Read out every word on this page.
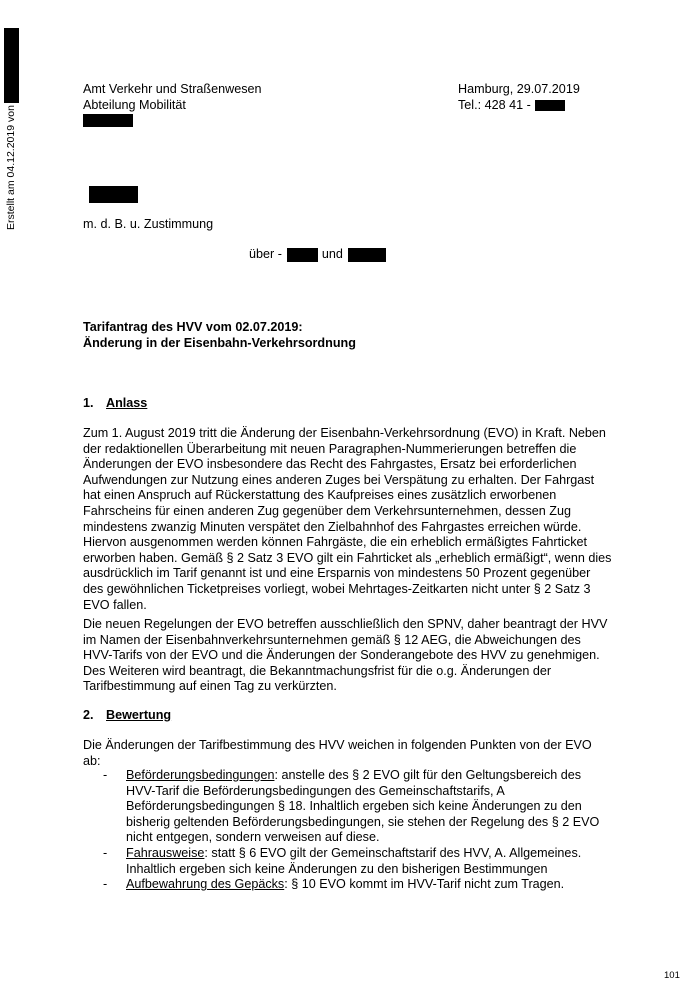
Erstellt am 04.12.2019 von
Amt Verkehr und Straßenwesen
Abteilung Mobilität
Hamburg, 29.07.2019
Tel.: 428 41 -
m. d. B. u. Zustimmung
über -	und
Tarifantrag des HVV vom 02.07.2019:
Änderung in der Eisenbahn-Verkehrsordnung
1. Anlass
Zum 1. August 2019 tritt die Änderung der Eisenbahn-Verkehrsordnung (EVO) in Kraft. Neben
der redaktionellen Überarbeitung mit neuen Paragraphen-Nummerierungen betreffen die
Änderungen der EVO insbesondere das Recht des Fahrgastes, Ersatz bei erforderlichen
Aufwendungen zur Nutzung eines anderen Zuges bei Verspätung zu erhalten. Der Fahrgast
hat einen Anspruch auf Rückerstattung des Kaufpreises eines zusätzlich erworbenen
Fahrscheins für einen anderen Zug gegenüber dem Verkehrsunternehmen, dessen Zug
mindestens zwanzig Minuten verspätet den Zielbahnhof des Fahrgastes erreichen würde.
Hiervon ausgenommen werden können Fahrgäste, die ein erheblich ermäßigtes Fahrticket
erworben haben. Gemäß § 2 Satz 3 EVO gilt ein Fahrticket als „erheblich ermäßigt“, wenn dies
ausdrücklich im Tarif genannt ist und eine Ersparnis von mindestens 50 Prozent gegenüber
des gewöhnlichen Ticketpreises vorliegt, wobei Mehrtages-Zeitkarten nicht unter § 2 Satz 3
EVO fallen.
Die neuen Regelungen der EVO betreffen ausschließlich den SPNV, daher beantragt der HVV
im Namen der Eisenbahnverkehrsunternehmen gemäß § 12 AEG, die Abweichungen des
HVV-Tarifs von der EVO und die Änderungen der Sonderangebote des HVV zu genehmigen.
Des Weiteren wird beantragt, die Bekanntmachungsfrist für die o.g. Änderungen der
Tarifbestimmung auf einen Tag zu verkürzten.
2. Bewertung
Die Änderungen der Tarifbestimmung des HVV weichen in folgenden Punkten von der EVO
ab:
- Beförderungsbedingungen: anstelle des § 2 EVO gilt für den Geltungsbereich des
HVV-Tarif die Beförderungsbedingungen des Gemeinschaftstarifs, A
Beförderungsbedingungen § 18. Inhaltlich ergeben sich keine Änderungen zu den
bisherig geltenden Beförderungsbedingungen, sie stehen der Regelung des § 2 EVO
nicht entgegen, sondern verweisen auf diese.
- Fahrausweise: statt § 6 EVO gilt der Gemeinschaftstarif des HVV, A. Allgemeines.
Inhaltlich ergeben sich keine Änderungen zu den bisherigen Bestimmungen
- Aufbewahrung des Gepäcks: § 10 EVO kommt im HVV-Tarif nicht zum Tragen.
101
